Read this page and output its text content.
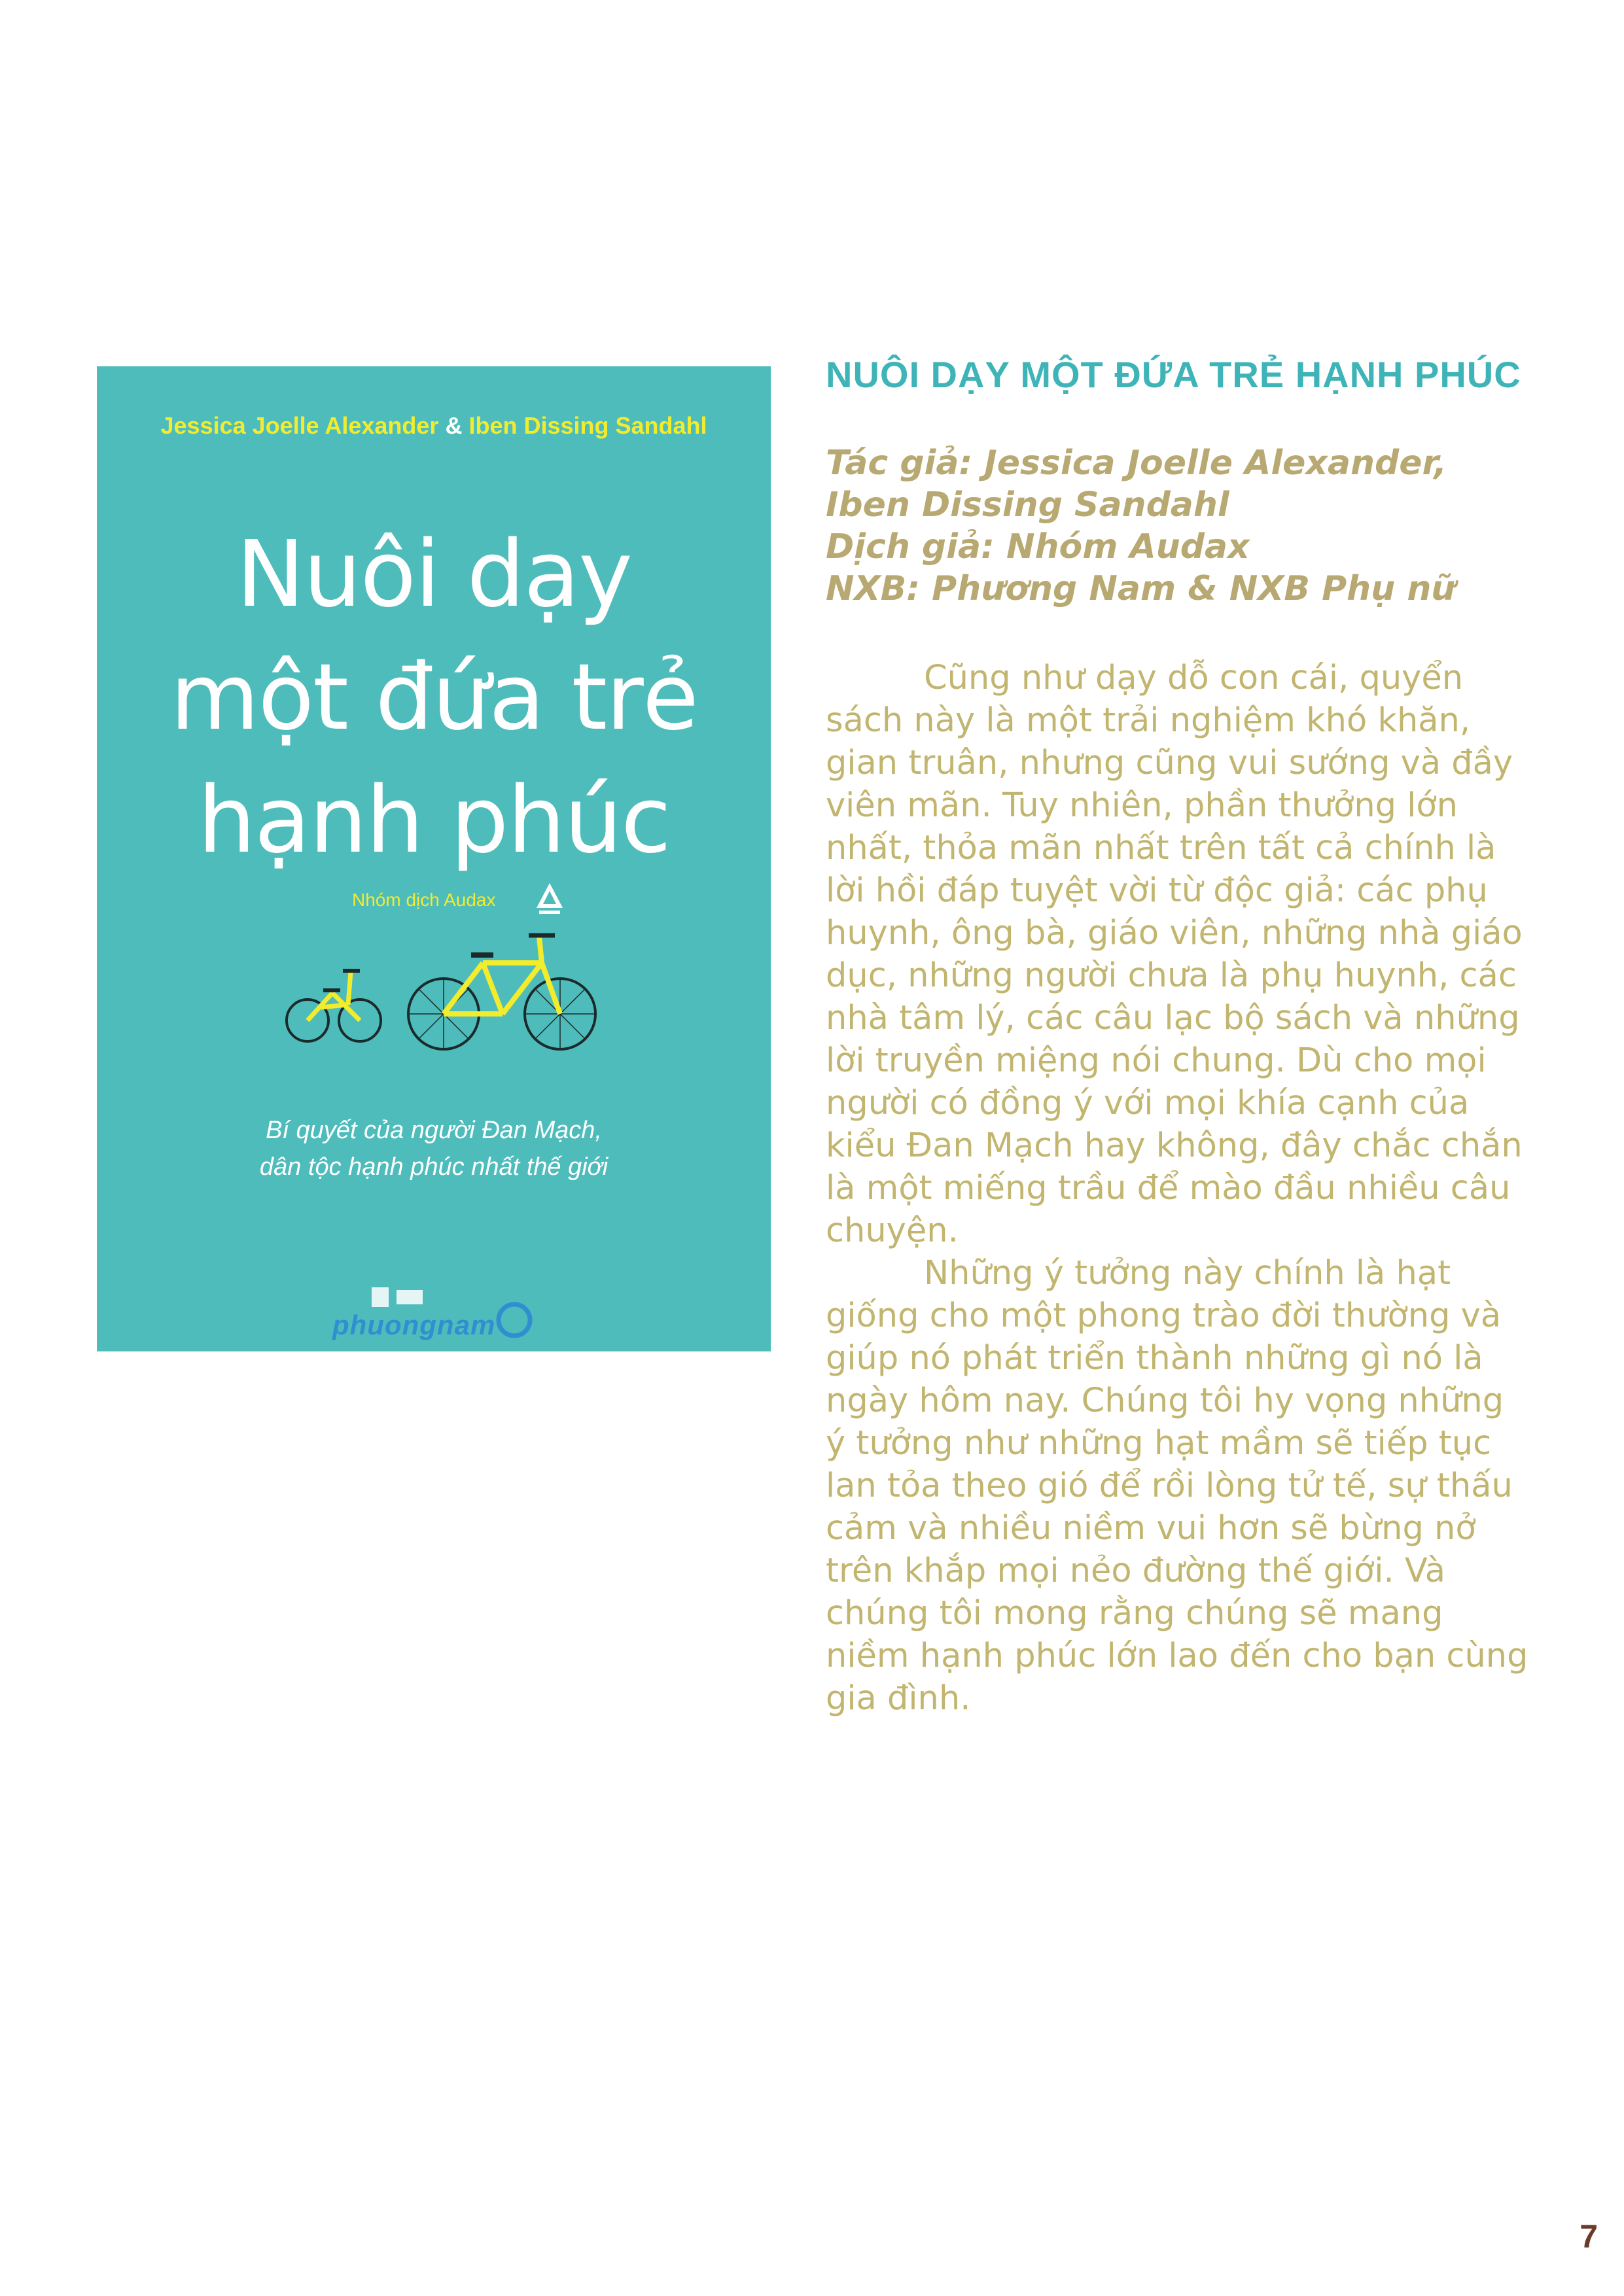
Jessica Joelle Alexander & Iben Dissing Sandahl
Nuôi dạy
một đứa trẻ
hạnh phúc
Nhóm dịch Audax
Bí quyết của người Đan Mạch,
dân tộc hạnh phúc nhất thế giới
phuongnam
NUÔI DẠY MỘT ĐỨA TRẺ HẠNH PHÚC
Tác giả: Jessica Joelle Alexander,
Iben Dissing Sandahl
Dịch giả: Nhóm Audax
NXB: Phương Nam & NXB Phụ nữ

Cũng như dạy dỗ con cái, quyển sách này là một trải nghiệm khó khăn, gian truân, nhưng cũng vui sướng và đầy viên mãn. Tuy nhiên, phần thưởng lớn nhất, thỏa mãn nhất trên tất cả chính là lời hồi đáp tuyệt vời từ độc giả: các phụ huynh, ông bà, giáo viên, những nhà giáo dục, những người chưa là phụ huynh, các nhà tâm lý, các câu lạc bộ sách và những lời truyền miệng nói chung. Dù cho mọi người có đồng ý với mọi khía cạnh của kiểu Đan Mạch hay không, đây chắc chắn là một miếng trầu để mào đầu nhiều câu chuyện.

Những ý tưởng này chính là hạt giống cho một phong trào đời thường và giúp nó phát triển thành những gì nó là ngày hôm nay. Chúng tôi hy vọng những ý tưởng như những hạt mầm sẽ tiếp tục lan tỏa theo gió để rồi lòng tử tế, sự thấu cảm và nhiều niềm vui hơn sẽ bừng nở trên khắp mọi nẻo đường thế giới. Và chúng tôi mong rằng chúng sẽ mang niềm hạnh phúc lớn lao đến cho bạn cùng gia đình.

7
